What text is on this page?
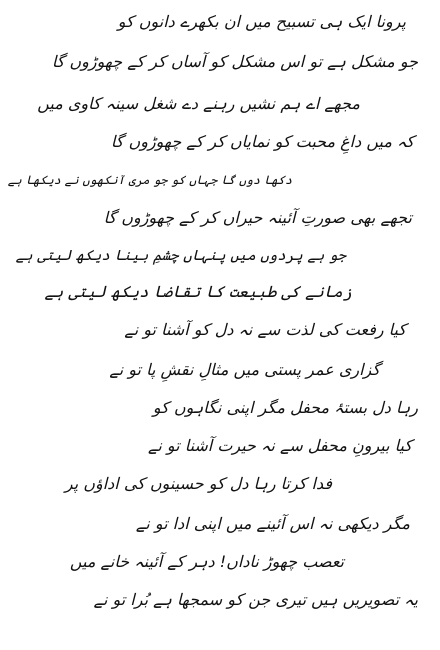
پرونا ایک ہی تسبیح میں ان بکھرے دانوں کو
جو مشکل ہے تو اس مشکل کو آساں کر کے چھوڑوں گا
مجھے اے ہم نشیں رہنے دے شغل سینہ کاوی میں
کہ میں داغِ محبت کو نمایاں کر کے چھوڑوں گا
دکھا دوں گا جہاں کو جو مری آنکھوں نے دیکھا ہے
تجھے بھی صورتِ آئینہ حیراں کر کے چھوڑوں گا
جو ہے پردوں میں پنہاں چشمِ بینا دیکھ لیتی ہے
زمانے کی طبیعت کا تقاضا دیکھ لیتی ہے
کیا رفعت کی لذت سے نہ دل کو آشنا تو نے
گزاری عمر پستی میں مثالِ نقشِ پا تو نے
رہا دل بستۂ محفل مگر اپنی نگاہوں کو
کیا بیرونِ محفل سے نہ حیرت آشنا تو نے
فدا کرتا رہا دل کو حسینوں کی اداؤں پر
مگر دیکھی نہ اس آئینے میں اپنی ادا تو نے
تعصب چھوڑ ناداں! دہر کے آئینہ خانے میں
یہ تصویریں ہیں تیری جن کو سمجھا ہے بُرا تو نے
